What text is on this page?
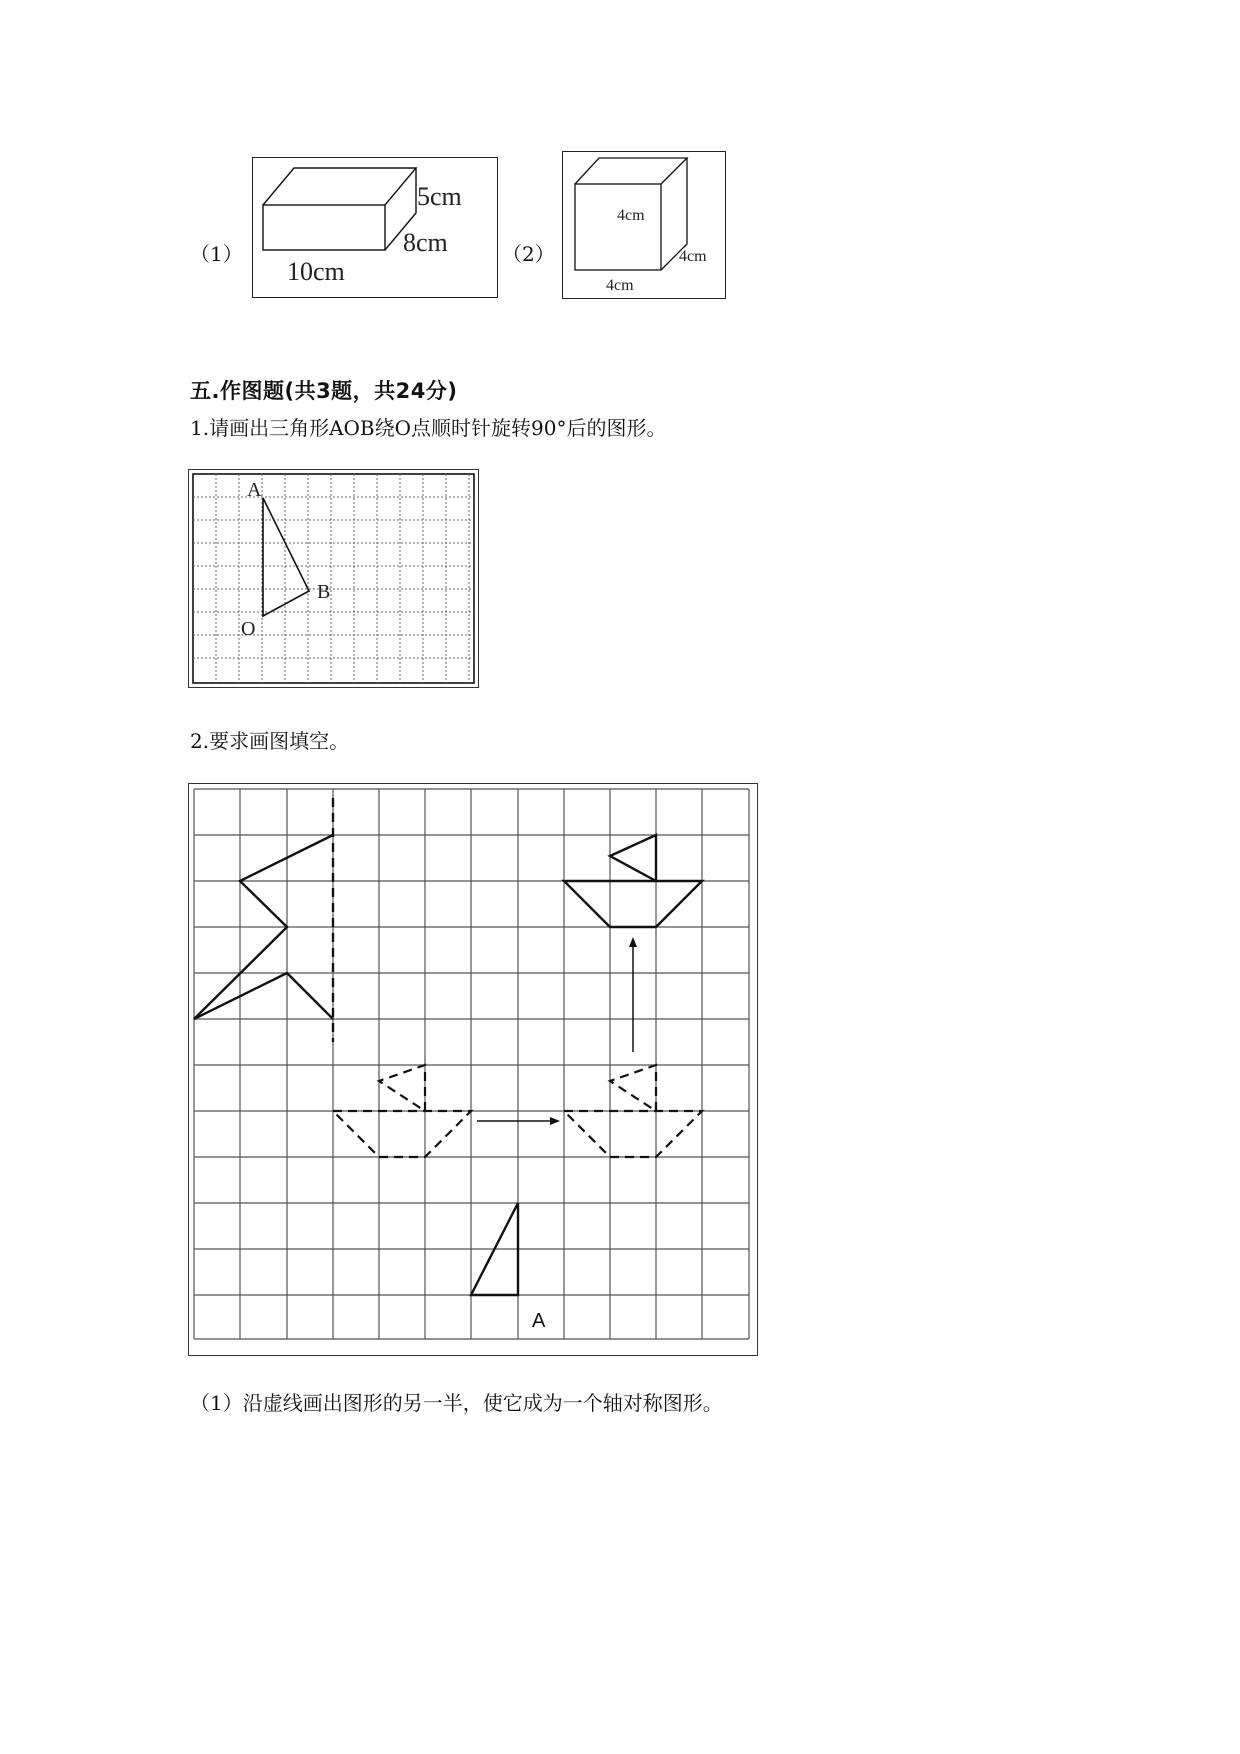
（1）
5cm
8cm
10cm
（2）
4cm
4cm
4cm
五.作图题(共3题，共24分)
1.请画出三角形AOB绕O点顺时针旋转90°后的图形。
A
B
O
2.要求画图填空。
A
（1）沿虚线画出图形的另一半，使它成为一个轴对称图形。
